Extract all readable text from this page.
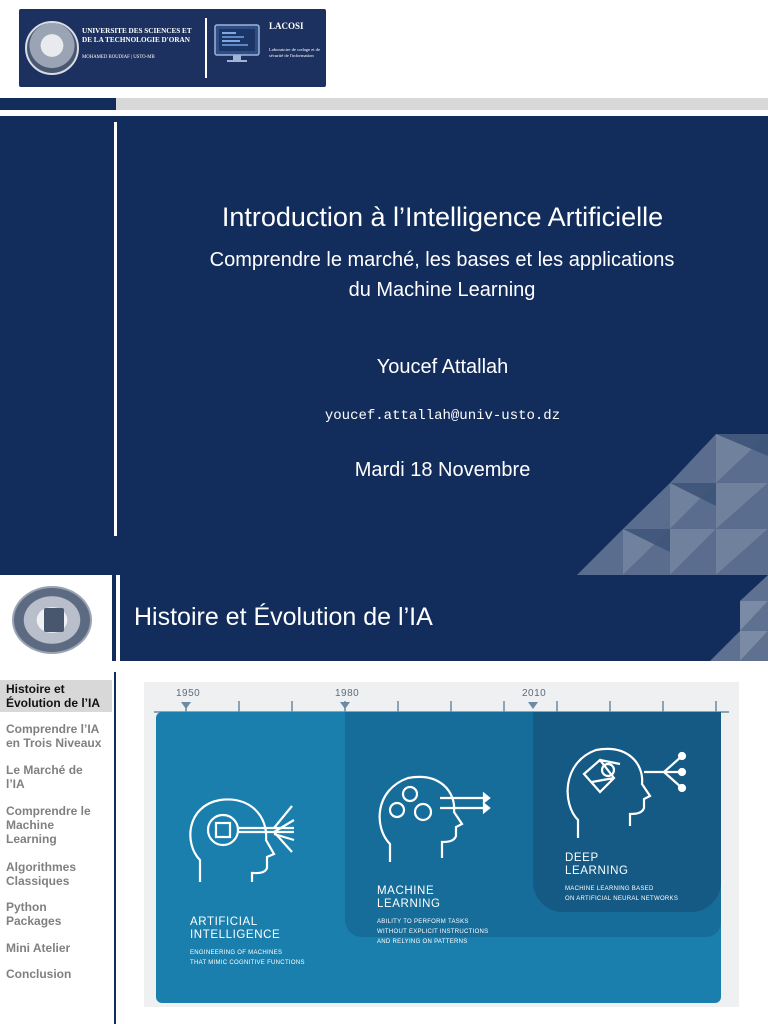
UNIVERSITE DES SCIENCES ET DE LA TECHNOLOGIE D'ORAN
MOHAMED BOUDIAF | USTO-MB
LACOSI
Laboratoire de codage et de sécurité de l'information
Introduction à l’Intelligence Artificielle
Comprendre le marché, les bases et les applications
du Machine Learning
Youcef Attallah
youcef.attallah@univ-usto.dz
Mardi 18 Novembre
Histoire et Évolution de l’IA
Histoire et
Évolution de l’IA
Comprendre l’IA
en Trois Niveaux
Le Marché de
l’IA
Comprendre le
Machine
Learning
Algorithmes
Classiques
Python
Packages
Mini Atelier
Conclusion
1950	1980	2010
ARTIFICIAL
INTELLIGENCE
ENGINEERING OF MACHINES
THAT MIMIC COGNITIVE FUNCTIONS
MACHINE
LEARNING
ABILITY TO PERFORM TASKS
WITHOUT EXPLICIT INSTRUCTIONS
AND RELYING ON PATTERNS
DEEP
LEARNING
MACHINE LEARNING BASED
ON ARTIFICIAL NEURAL NETWORKS
